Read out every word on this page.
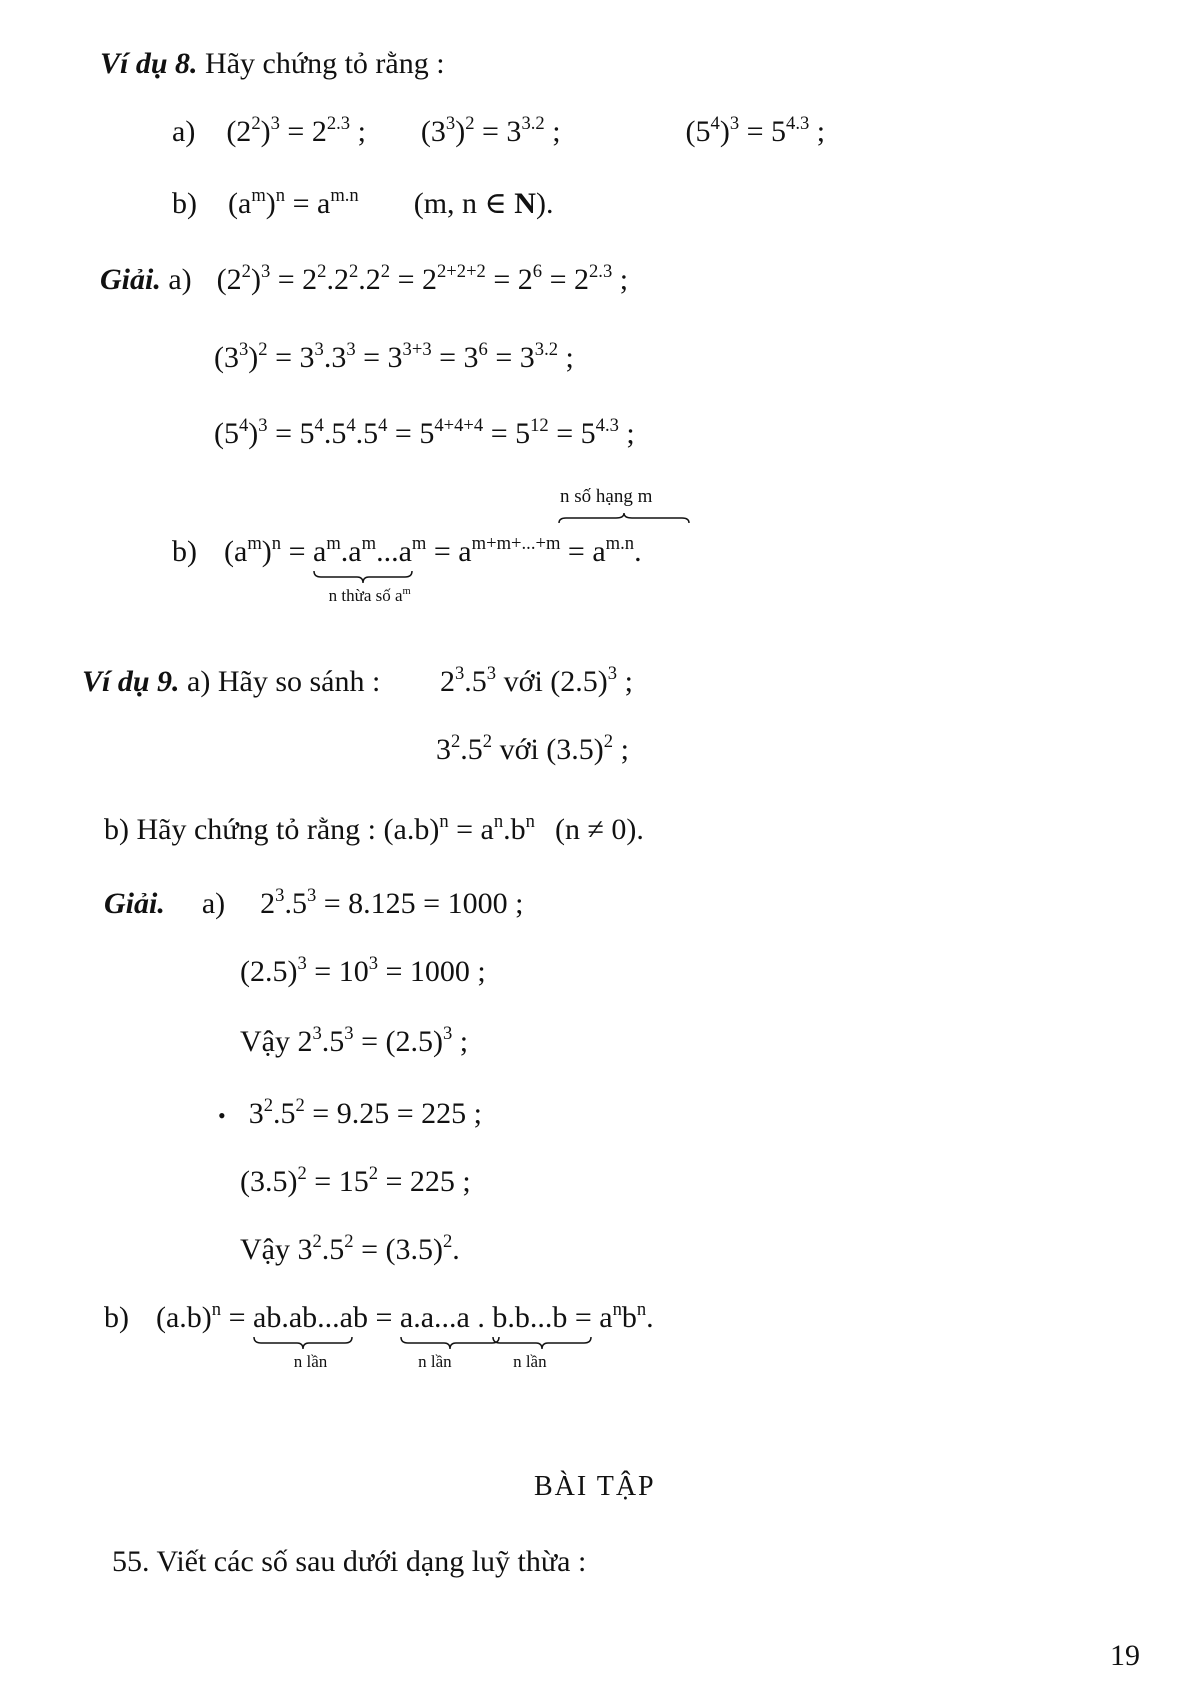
Ví dụ 8. Hãy chứng tỏ rằng :
a) $(2^2)^3 = 2^{2.3}$ ; $(3^3)^2 = 3^{3.2}$ ;	$(5^4)^3 = 5^{4.3}$ ;
b) $(a^m)^n = a^{m.n}$ (m, n ∈ N).
Giải. a) $(2^2)^3 = 2^2.2^2.2^2 = 2^{2+2+2} = 2^6 = 2^{2.3}$ ;
$(3^3)^2 = 3^3.3^3 = 3^{3+3} = 3^6 = 3^{3.2}$ ;
$(5^4)^3 = 5^4.5^4.5^4 = 5^{4+4+4} = 5^{12} = 5^{4.3}$ ;
n số hạng m
b) $(a^m)^n = a^m.a^m...a^m$
n thừa số $a^m$
= $a^{m+m+...+m} = a^{m.n}$.
Ví dụ 9. a) Hãy so sánh : $2^3.5^3$ với $(2.5)^3$ ;
$3^2.5^2$ với $(3.5)^2$ ;
b) Hãy chứng tỏ rằng : $(a.b)^n = a^n.b^n$ (n ≠ 0).
Giải. a) $2^3.5^3 = 8.125 = 1000$ ;
$(2.5)^3 = 10^3 = 1000$ ;
Vậy $2^3.5^3 = (2.5)^3$ ;
• $3^2.5^2 = 9.25 = 225$ ;
$(3.5)^2 = 15^2 = 225$ ;
Vậy $3^2.5^2 = (3.5)^2$.
b) $(a.b)^n = ab.ab...ab$
n lần
= a.a...a
n lần
. b.b...b
n lần
= $a^nb^n$.
BÀI TẬP
55. Viết các số sau dưới dạng luỹ thừa :
19
